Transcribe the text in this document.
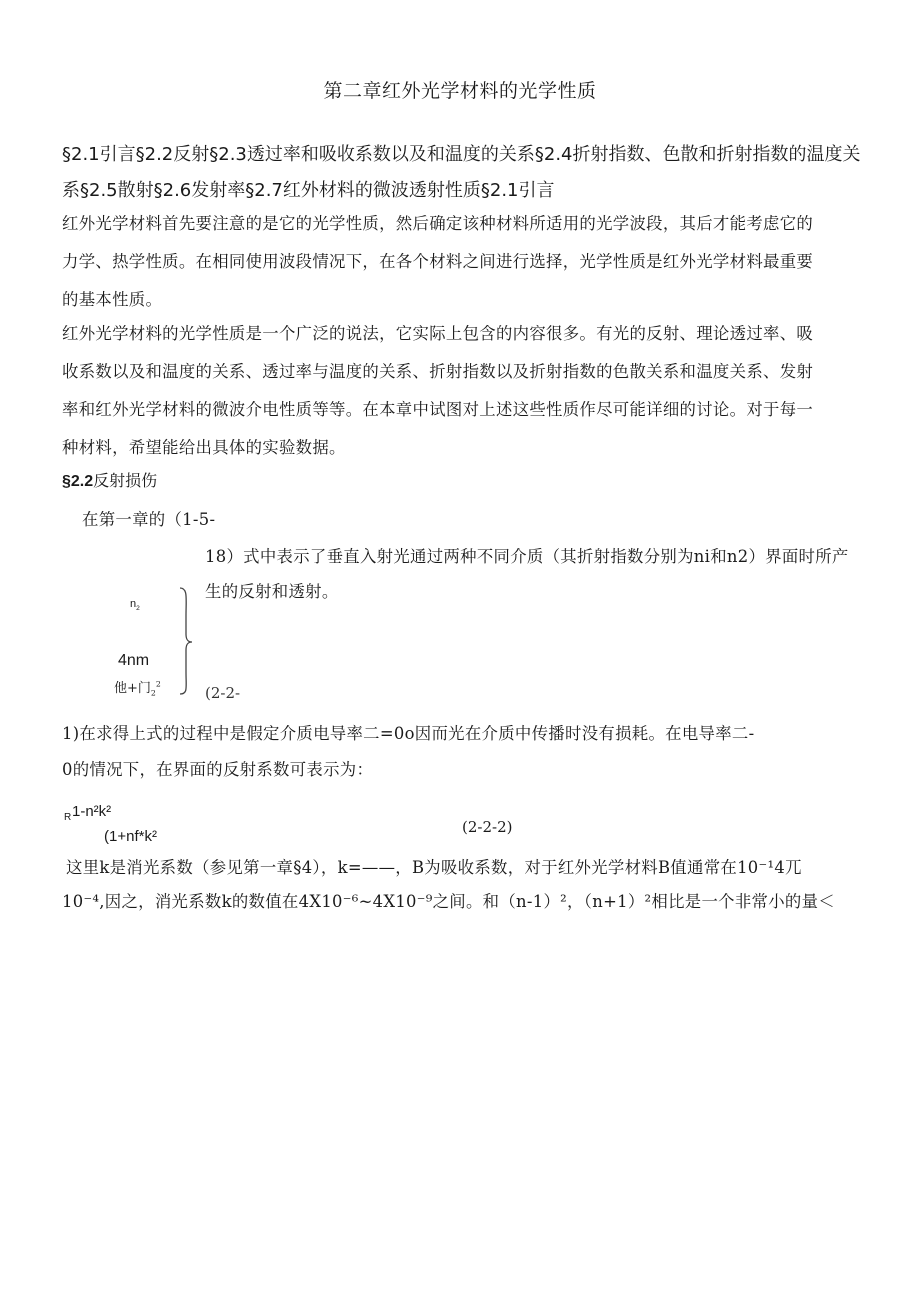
第二章红外光学材料的光学性质
§2.1引言§2.2反射§2.3透过率和吸收系数以及和温度的关系§2.4折射指数、色散和折射指数的温度关
系§2.5散射§2.6发射率§2.7红外材料的微波透射性质§2.1引言
红外光学材料首先要注意的是它的光学性质，然后确定该种材料所适用的光学波段，其后才能考虑它的
力学、热学性质。在相同使用波段情况下，在各个材料之间进行选择，光学性质是红外光学材料最重要
的基本性质。
红外光学材料的光学性质是一个广泛的说法，它实际上包含的内容很多。有光的反射、理论透过率、吸
收系数以及和温度的关系、透过率与温度的关系、折射指数以及折射指数的色散关系和温度关系、发射
率和红外光学材料的微波介电性质等等。在本章中试图对上述这些性质作尽可能详细的讨论。对于每一
种材料，希望能给出具体的实验数据。
§2.2反射损伤
在第一章的（1-5-
18）式中表示了垂直入射光通过两种不同介质（其折射指数分别为ni和n2）界面时所产
生的反射和透射。
$n_2$
4nm
他+门$_2^2$	(2-2-
1)在求得上式的过程中是假定介质电导率二=0o因而光在介质中传播时没有损耗。在电导率二-
0的情况下，在界面的反射系数可表示为：
R 1-n²k²
(1+nf*k²
(2-2-2)
这里k是消光系数（参见第一章§4），k=——，B为吸收系数，对于红外光学材料B值通常在10⁻¹4兀
10⁻⁴,因之，消光系数k的数值在4X10⁻⁶~4X10⁻⁹之间。和（n-1）²，（n+1）²相比是一个非常小的量＜
